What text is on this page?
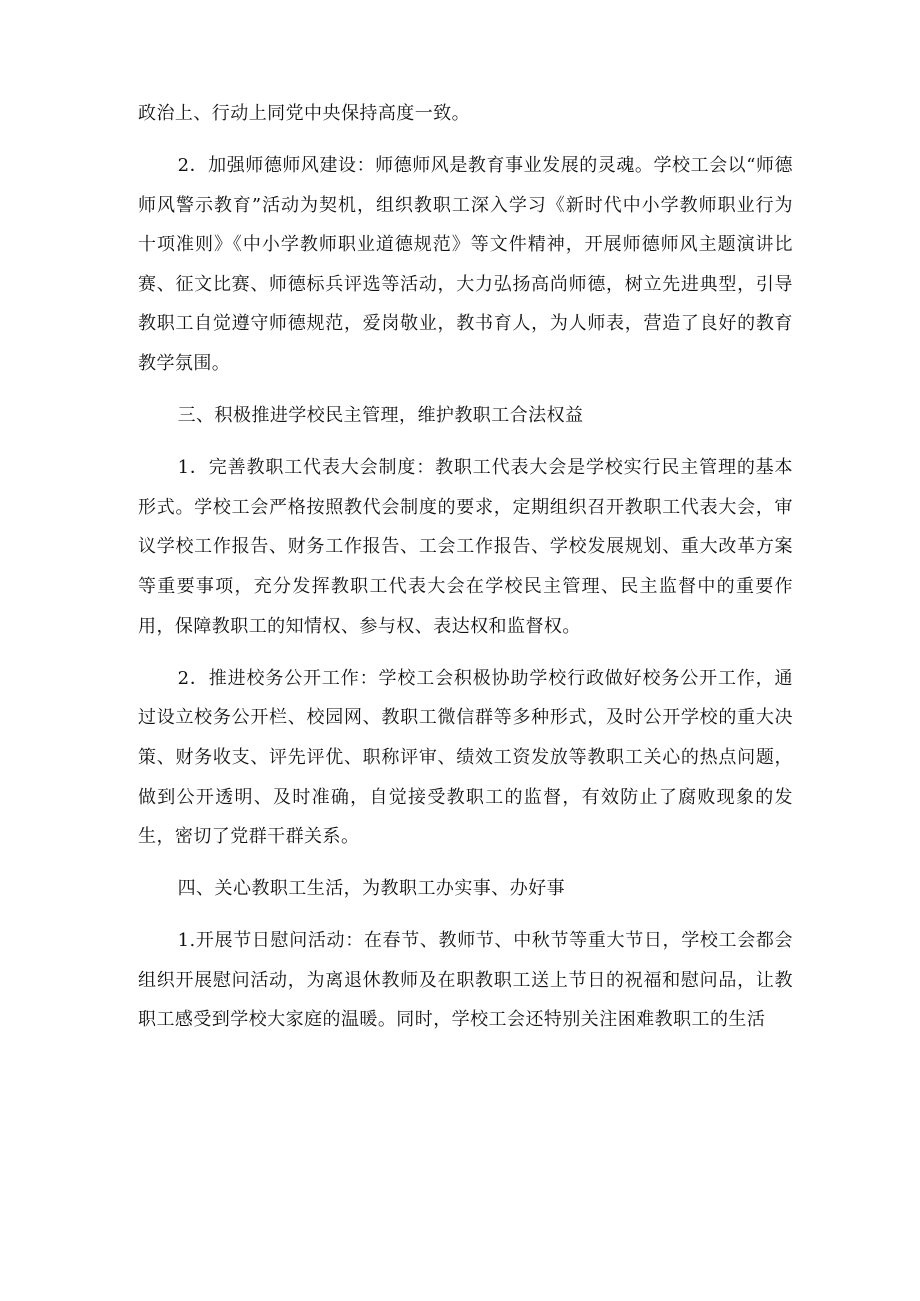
政治上、行动上同党中央保持高度一致。

2．加强师德师风建设：师德师风是教育事业发展的灵魂。学校工会以“师德师风警示教育”活动为契机，组织教职工深入学习《新时代中小学教师职业行为十项准则》《中小学教师职业道德规范》等文件精神，开展师德师风主题演讲比赛、征文比赛、师德标兵评选等活动，大力弘扬高尚师德，树立先进典型，引导教职工自觉遵守师德规范，爱岗敬业，教书育人，为人师表，营造了良好的教育教学氛围。

三、积极推进学校民主管理，维护教职工合法权益

1．完善教职工代表大会制度：教职工代表大会是学校实行民主管理的基本形式。学校工会严格按照教代会制度的要求，定期组织召开教职工代表大会，审议学校工作报告、财务工作报告、工会工作报告、学校发展规划、重大改革方案等重要事项，充分发挥教职工代表大会在学校民主管理、民主监督中的重要作用，保障教职工的知情权、参与权、表达权和监督权。

2．推进校务公开工作：学校工会积极协助学校行政做好校务公开工作，通过设立校务公开栏、校园网、教职工微信群等多种形式，及时公开学校的重大决策、财务收支、评先评优、职称评审、绩效工资发放等教职工关心的热点问题，做到公开透明、及时准确，自觉接受教职工的监督，有效防止了腐败现象的发生，密切了党群干群关系。

四、关心教职工生活，为教职工办实事、办好事

1.开展节日慰问活动：在春节、教师节、中秋节等重大节日，学校工会都会组织开展慰问活动，为离退休教师及在职教职工送上节日的祝福和慰问品，让教职工感受到学校大家庭的温暖。同时，学校工会还特别关注困难教职工的生活
